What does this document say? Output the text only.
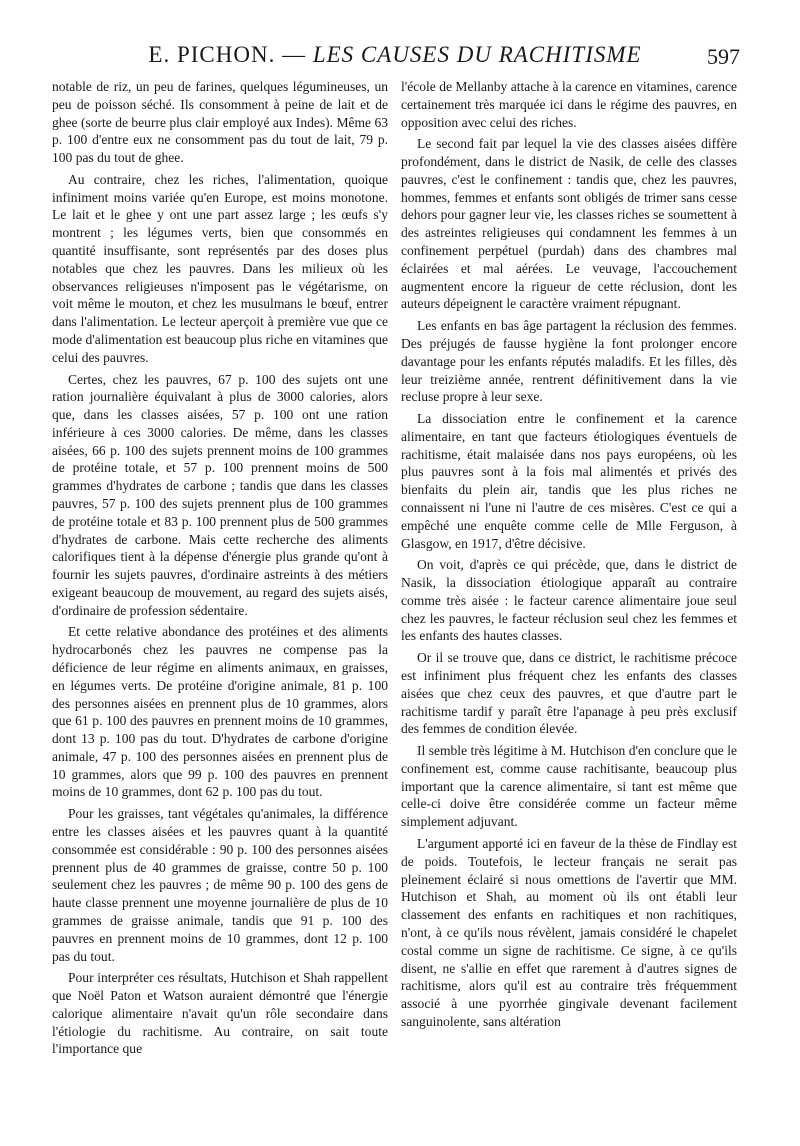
E. PICHON. — LES CAUSES DU RACHITISME	597

notable de riz, un peu de farines, quelques légumineuses, un peu de poisson séché. Ils consomment à peine de lait et de ghee (sorte de beurre plus clair employé aux Indes). Même 63 p. 100 d'entre eux ne consomment pas du tout de lait, 79 p. 100 pas du tout de ghee.

Au contraire, chez les riches, l'alimentation, quoique infiniment moins variée qu'en Europe, est moins monotone. Le lait et le ghee y ont une part assez large ; les œufs s'y montrent ; les légumes verts, bien que consommés en quantité insuffisante, sont représentés par des doses plus notables que chez les pauvres. Dans les milieux où les observances religieuses n'imposent pas le végétarisme, on voit même le mouton, et chez les musulmans le bœuf, entrer dans l'alimentation. Le lecteur aperçoit à première vue que ce mode d'alimentation est beaucoup plus riche en vitamines que celui des pauvres.

Certes, chez les pauvres, 67 p. 100 des sujets ont une ration journalière équivalant à plus de 3000 calories, alors que, dans les classes aisées, 57 p. 100 ont une ration inférieure à ces 3000 calories. De même, dans les classes aisées, 66 p. 100 des sujets prennent moins de 100 grammes de protéine totale, et 57 p. 100 prennent moins de 500 grammes d'hydrates de carbone ; tandis que dans les classes pauvres, 57 p. 100 des sujets prennent plus de 100 grammes de protéine totale et 83 p. 100 prennent plus de 500 grammes d'hydrates de carbone. Mais cette recherche des aliments calorifiques tient à la dépense d'énergie plus grande qu'ont à fournir les sujets pauvres, d'ordinaire astreints à des métiers exigeant beaucoup de mouvement, au regard des sujets aisés, d'ordinaire de profession sédentaire.

Et cette relative abondance des protéines et des aliments hydrocarbonés chez les pauvres ne compense pas la déficience de leur régime en aliments animaux, en graisses, en légumes verts. De protéine d'origine animale, 81 p. 100 des personnes aisées en prennent plus de 10 grammes, alors que 61 p. 100 des pauvres en prennent moins de 10 grammes, dont 13 p. 100 pas du tout. D'hydrates de carbone d'origine animale, 47 p. 100 des personnes aisées en prennent plus de 10 grammes, alors que 99 p. 100 des pauvres en prennent moins de 10 grammes, dont 62 p. 100 pas du tout.

Pour les graisses, tant végétales qu'animales, la différence entre les classes aisées et les pauvres quant à la quantité consommée est considérable : 90 p. 100 des personnes aisées prennent plus de 40 grammes de graisse, contre 50 p. 100 seulement chez les pauvres ; de même 90 p. 100 des gens de haute classe prennent une moyenne journalière de plus de 10 grammes de graisse animale, tandis que 91 p. 100 des pauvres en prennent moins de 10 grammes, dont 12 p. 100 pas du tout.

Pour interpréter ces résultats, Hutchison et Shah rappellent que Noël Paton et Watson auraient démontré que l'énergie calorique alimentaire n'avait qu'un rôle secondaire dans l'étiologie du rachitisme. Au contraire, on sait toute l'importance que

l'école de Mellanby attache à la carence en vitamines, carence certainement très marquée ici dans le régime des pauvres, en opposition avec celui des riches.

Le second fait par lequel la vie des classes aisées diffère profondément, dans le district de Nasik, de celle des classes pauvres, c'est le confinement : tandis que, chez les pauvres, hommes, femmes et enfants sont obligés de trimer sans cesse dehors pour gagner leur vie, les classes riches se soumettent à des astreintes religieuses qui condamnent les femmes à un confinement perpétuel (purdah) dans des chambres mal éclairées et mal aérées. Le veuvage, l'accouchement augmentent encore la rigueur de cette réclusion, dont les auteurs dépeignent le caractère vraiment répugnant.

Les enfants en bas âge partagent la réclusion des femmes. Des préjugés de fausse hygiène la font prolonger encore davantage pour les enfants réputés maladifs. Et les filles, dès leur treizième année, rentrent définitivement dans la vie recluse propre à leur sexe.

La dissociation entre le confinement et la carence alimentaire, en tant que facteurs étiologiques éventuels de rachitisme, était malaisée dans nos pays européens, où les plus pauvres sont à la fois mal alimentés et privés des bienfaits du plein air, tandis que les plus riches ne connaissent ni l'une ni l'autre de ces misères. C'est ce qui a empêché une enquête comme celle de Mlle Ferguson, à Glasgow, en 1917, d'être décisive.

On voit, d'après ce qui précède, que, dans le district de Nasik, la dissociation étiologique apparaît au contraire comme très aisée : le facteur carence alimentaire joue seul chez les pauvres, le facteur réclusion seul chez les femmes et les enfants des hautes classes.

Or il se trouve que, dans ce district, le rachitisme précoce est infiniment plus fréquent chez les enfants des classes aisées que chez ceux des pauvres, et que d'autre part le rachitisme tardif y paraît être l'apanage à peu près exclusif des femmes de condition élevée.

Il semble très légitime à M. Hutchison d'en conclure que le confinement est, comme cause rachitisante, beaucoup plus important que la carence alimentaire, si tant est même que celle-ci doive être considérée comme un facteur même simplement adjuvant.

L'argument apporté ici en faveur de la thèse de Findlay est de poids. Toutefois, le lecteur français ne serait pas pleinement éclairé si nous omettions de l'avertir que MM. Hutchison et Shah, au moment où ils ont établi leur classement des enfants en rachitiques et non rachitiques, n'ont, à ce qu'ils nous révèlent, jamais considéré le chapelet costal comme un signe de rachitisme. Ce signe, à ce qu'ils disent, ne s'allie en effet que rarement à d'autres signes de rachitisme, alors qu'il est au contraire très fréquemment associé à une pyorrhée gingivale devenant facilement sanguinolente, sans altération
